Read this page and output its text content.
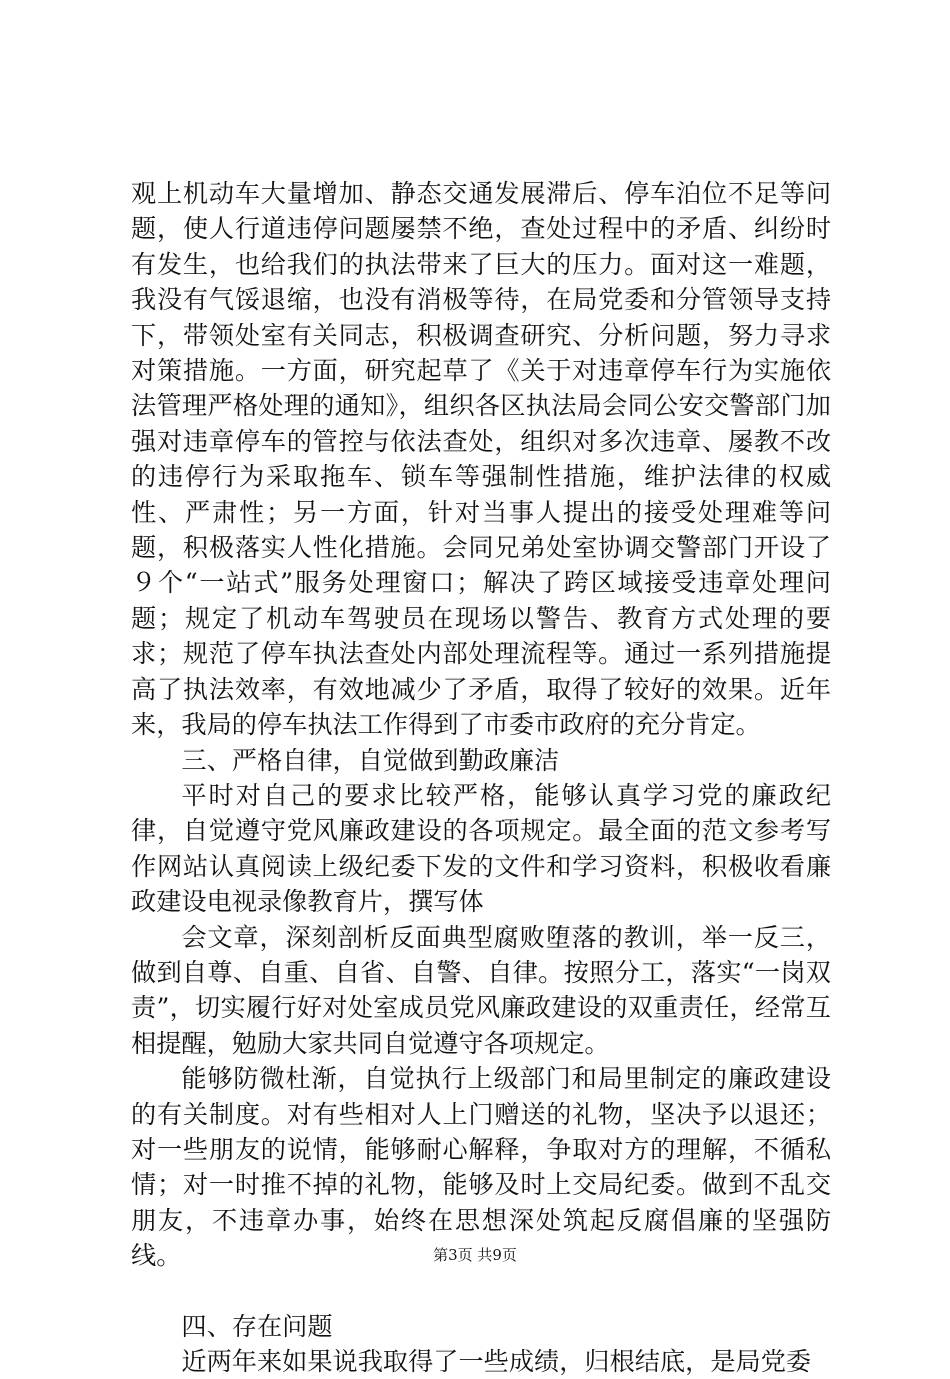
观上机动车大量增加、静态交通发展滞后、停车泊位不足等问题，使人行道违停问题屡禁不绝，查处过程中的矛盾、纠纷时有发生，也给我们的执法带来了巨大的压力。面对这一难题，我没有气馁退缩，也没有消极等待，在局党委和分管领导支持下，带领处室有关同志，积极调查研究、分析问题，努力寻求对策措施。一方面，研究起草了《关于对违章停车行为实施依法管理严格处理的通知》，组织各区执法局会同公安交警部门加强对违章停车的管控与依法查处，组织对多次违章、屡教不改的违停行为采取拖车、锁车等强制性措施，维护法律的权威性、严肃性；另一方面，针对当事人提出的接受处理难等问题，积极落实人性化措施。会同兄弟处室协调交警部门开设了９个“一站式”服务处理窗口；解决了跨区域接受违章处理问题；规定了机动车驾驶员在现场以警告、教育方式处理的要求；规范了停车执法查处内部处理流程等。通过一系列措施提高了执法效率，有效地减少了矛盾，取得了较好的效果。近年来，我局的停车执法工作得到了市委市政府的充分肯定。

三、严格自律，自觉做到勤政廉洁

平时对自己的要求比较严格，能够认真学习党的廉政纪律，自觉遵守党风廉政建设的各项规定。最全面的范文参考写作网站认真阅读上级纪委下发的文件和学习资料，积极收看廉政建设电视录像教育片，撰写体

会文章，深刻剖析反面典型腐败堕落的教训，举一反三，做到自尊、自重、自省、自警、自律。按照分工，落实“一岗双责”，切实履行好对处室成员党风廉政建设的双重责任，经常互相提醒，勉励大家共同自觉遵守各项规定。

能够防微杜渐，自觉执行上级部门和局里制定的廉政建设的有关制度。对有些相对人上门赠送的礼物，坚决予以退还；对一些朋友的说情，能够耐心解释，争取对方的理解，不循私情；对一时推不掉的礼物，能够及时上交局纪委。做到不乱交朋友，不违章办事，始终在思想深处筑起反腐倡廉的坚强防线。

四、存在问题

近两年来如果说我取得了一些成绩，归根结底，是局党委

第3页 共9页
